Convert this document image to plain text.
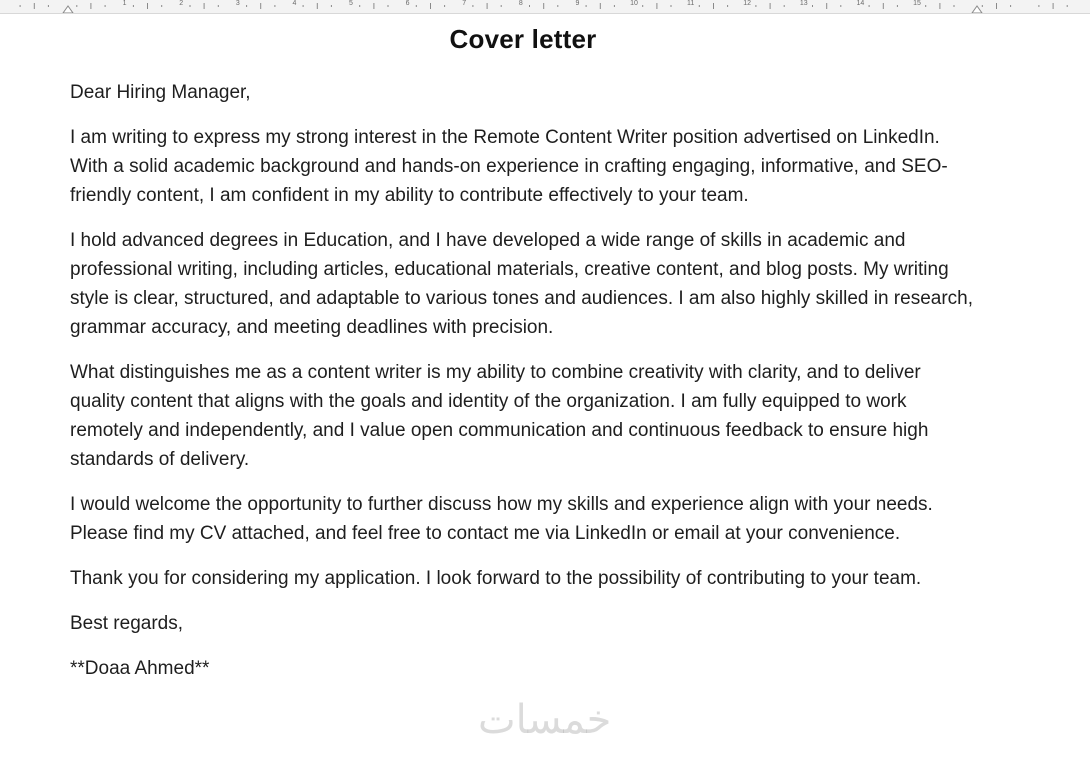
1	2	3	4	5	6	7	8	9	10	11	12	13	14	15
Cover letter

Dear Hiring Manager,

I am writing to express my strong interest in the Remote Content Writer position advertised on LinkedIn. With a solid academic background and hands-on experience in crafting engaging, informative, and SEO-friendly content, I am confident in my ability to contribute effectively to your team.

I hold advanced degrees in Education, and I have developed a wide range of skills in academic and professional writing, including articles, educational materials, creative content, and blog posts. My writing style is clear, structured, and adaptable to various tones and audiences. I am also highly skilled in research, grammar accuracy, and meeting deadlines with precision.

What distinguishes me as a content writer is my ability to combine creativity with clarity, and to deliver quality content that aligns with the goals and identity of the organization. I am fully equipped to work remotely and independently, and I value open communication and continuous feedback to ensure high standards of delivery.

I would welcome the opportunity to further discuss how my skills and experience align with your needs. Please find my CV attached, and feel free to contact me via LinkedIn or email at your convenience.

Thank you for considering my application. I look forward to the possibility of contributing to your team.

Best regards,

**Doaa Ahmed**

خمسات
